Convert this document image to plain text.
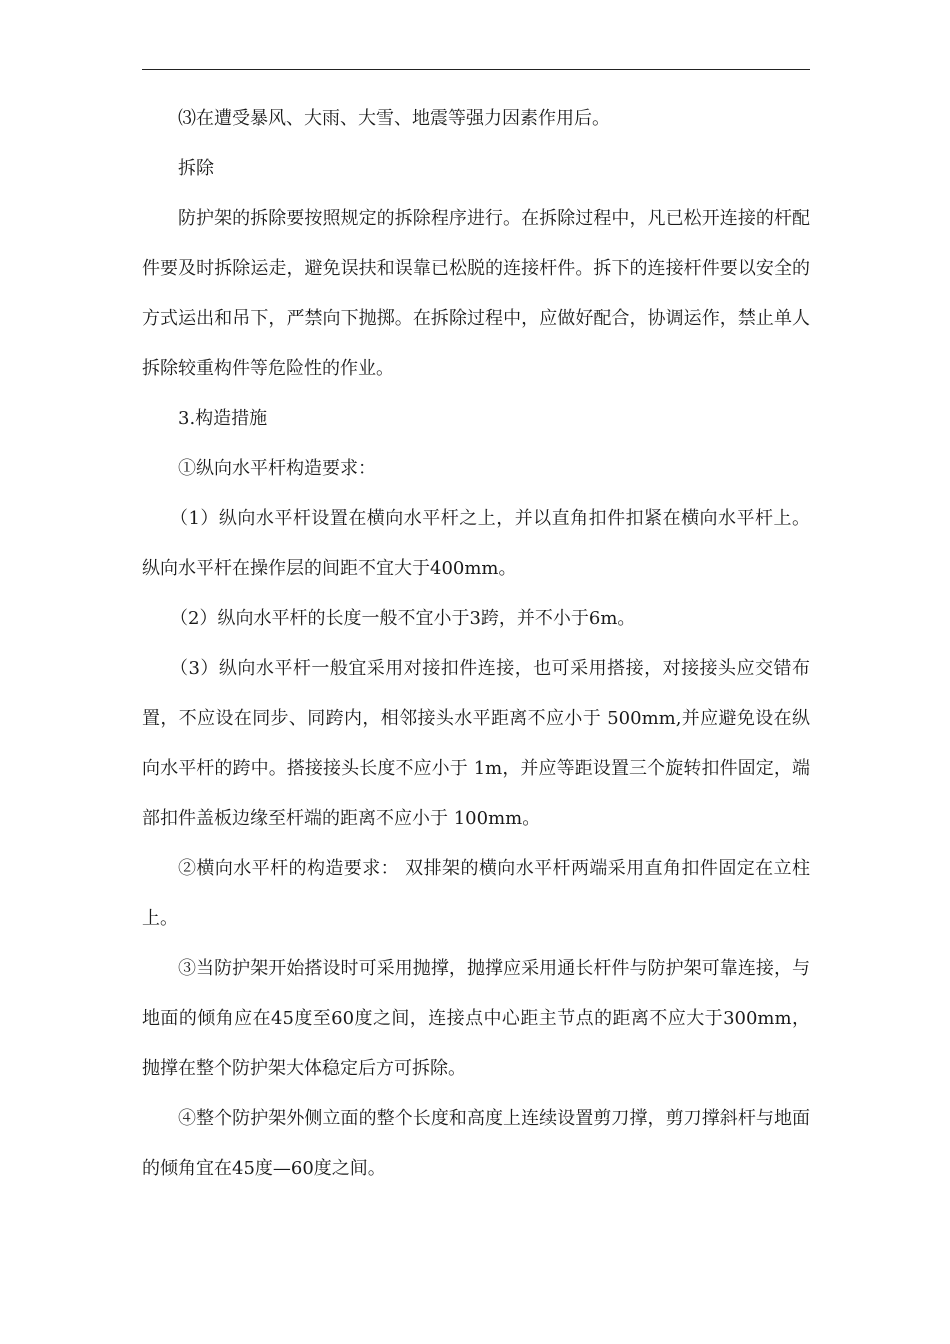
⑶在遭受暴风、大雨、大雪、地震等强力因素作用后。

拆除

防护架的拆除要按照规定的拆除程序进行。在拆除过程中，凡已松开连接的杆配件要及时拆除运走，避免误扶和误靠已松脱的连接杆件。拆下的连接杆件要以安全的方式运出和吊下，严禁向下抛掷。在拆除过程中，应做好配合，协调运作，禁止单人拆除较重构件等危险性的作业。

3.构造措施

①纵向水平杆构造要求：

（1）纵向水平杆设置在横向水平杆之上，并以直角扣件扣紧在横向水平杆上。纵向水平杆在操作层的间距不宜大于400mm。

（2）纵向水平杆的长度一般不宜小于3跨，并不小于6m。

（3）纵向水平杆一般宜采用对接扣件连接，也可采用搭接，对接接头应交错布置，不应设在同步、同跨内，相邻接头水平距离不应小于 500mm,并应避免设在纵向水平杆的跨中。搭接接头长度不应小于 1m，并应等距设置三个旋转扣件固定，端部扣件盖板边缘至杆端的距离不应小于 100mm。

②横向水平杆的构造要求： 双排架的横向水平杆两端采用直角扣件固定在立柱上。

③当防护架开始搭设时可采用抛撑，抛撑应采用通长杆件与防护架可靠连接，与地面的倾角应在45度至60度之间，连接点中心距主节点的距离不应大于300mm，抛撑在整个防护架大体稳定后方可拆除。

④整个防护架外侧立面的整个长度和高度上连续设置剪刀撑，剪刀撑斜杆与地面的倾角宜在45度—60度之间。
